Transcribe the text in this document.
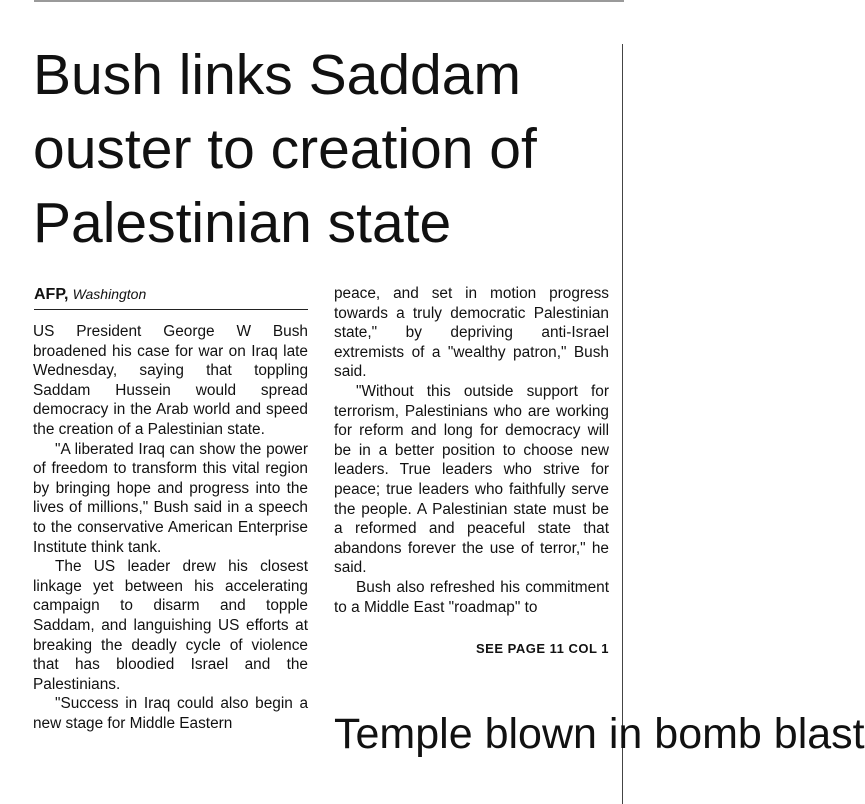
Bush links Saddam ouster to creation of Palestinian state
AFP, Washington

US President George W Bush broadened his case for war on Iraq late Wednesday, saying that toppling Saddam Hussein would spread democracy in the Arab world and speed the creation of a Palestinian state.

"A liberated Iraq can show the power of freedom to transform this vital region by bringing hope and progress into the lives of millions," Bush said in a speech to the conservative American Enterprise Institute think tank.

The US leader drew his closest linkage yet between his accelerating campaign to disarm and topple Saddam, and languishing US efforts at breaking the deadly cycle of violence that has bloodied Israel and the Palestinians.

"Success in Iraq could also begin a new stage for Middle Eastern

peace, and set in motion progress towards a truly democratic Palestinian state," by depriving anti-Israel extremists of a "wealthy patron," Bush said.

"Without this outside support for terrorism, Palestinians who are working for reform and long for democracy will be in a better position to choose new leaders. True leaders who strive for peace; true leaders who faithfully serve the people. A Palestinian state must be a reformed and peaceful state that abandons forever the use of terror," he said.

Bush also refreshed his commitment to a Middle East "roadmap" to

SEE PAGE 11 COL 1
Temple blown in bomb blast
